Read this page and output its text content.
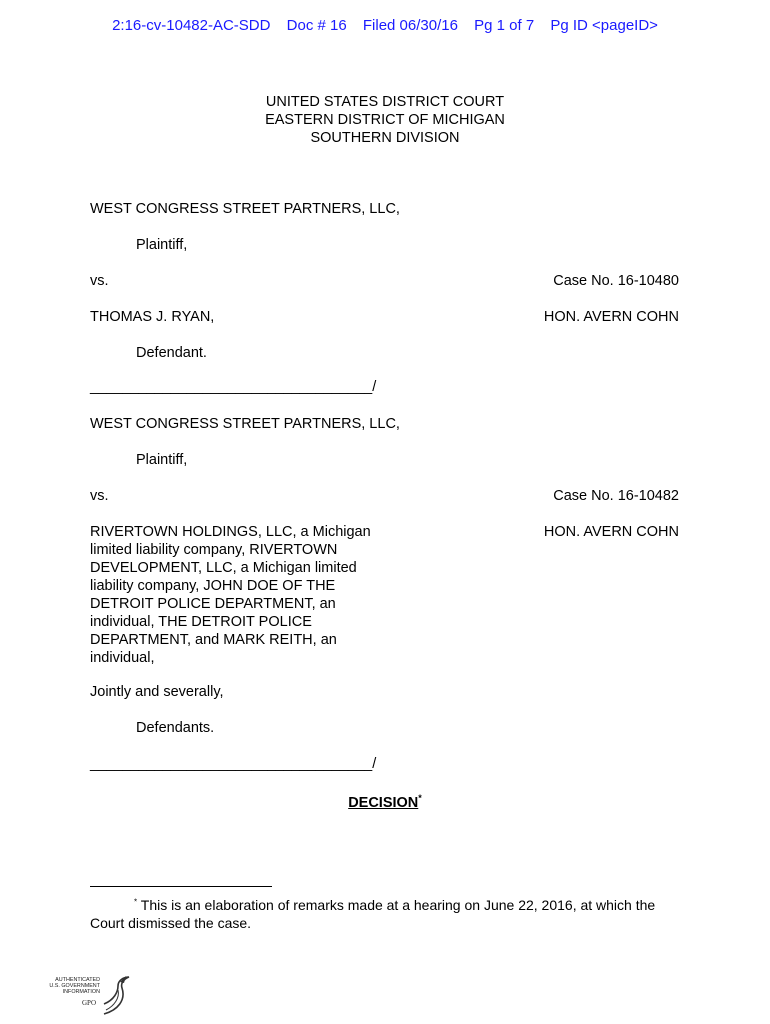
2:16-cv-10482-AC-SDD Doc # 16 Filed 06/30/16 Pg 1 of 7 Pg ID <pageID>

UNITED STATES DISTRICT COURT

EASTERN DISTRICT OF MICHIGAN

SOUTHERN DIVISION

WEST CONGRESS STREET PARTNERS, LLC,

Plaintiff,

vs.	Case No. 16-10480

THOMAS J. RYAN,	HON. AVERN COHN

Defendant.

___________________________________/

WEST CONGRESS STREET PARTNERS, LLC,

Plaintiff,

vs.	Case No. 16-10482

RIVERTOWN HOLDINGS, LLC, a Michigan limited liability company, RIVERTOWN DEVELOPMENT, LLC, a Michigan limited liability company, JOHN DOE OF THE DETROIT POLICE DEPARTMENT, an individual, THE DETROIT POLICE DEPARTMENT, and MARK REITH, an individual,

HON. AVERN COHN

Jointly and severally,

Defendants.

___________________________________/

DECISION*

* This is an elaboration of remarks made at a hearing on June 22, 2016, at which the Court dismissed the case.

AUTHENTICATED
U.S. GOVERNMENT
INFORMATION
GPO
